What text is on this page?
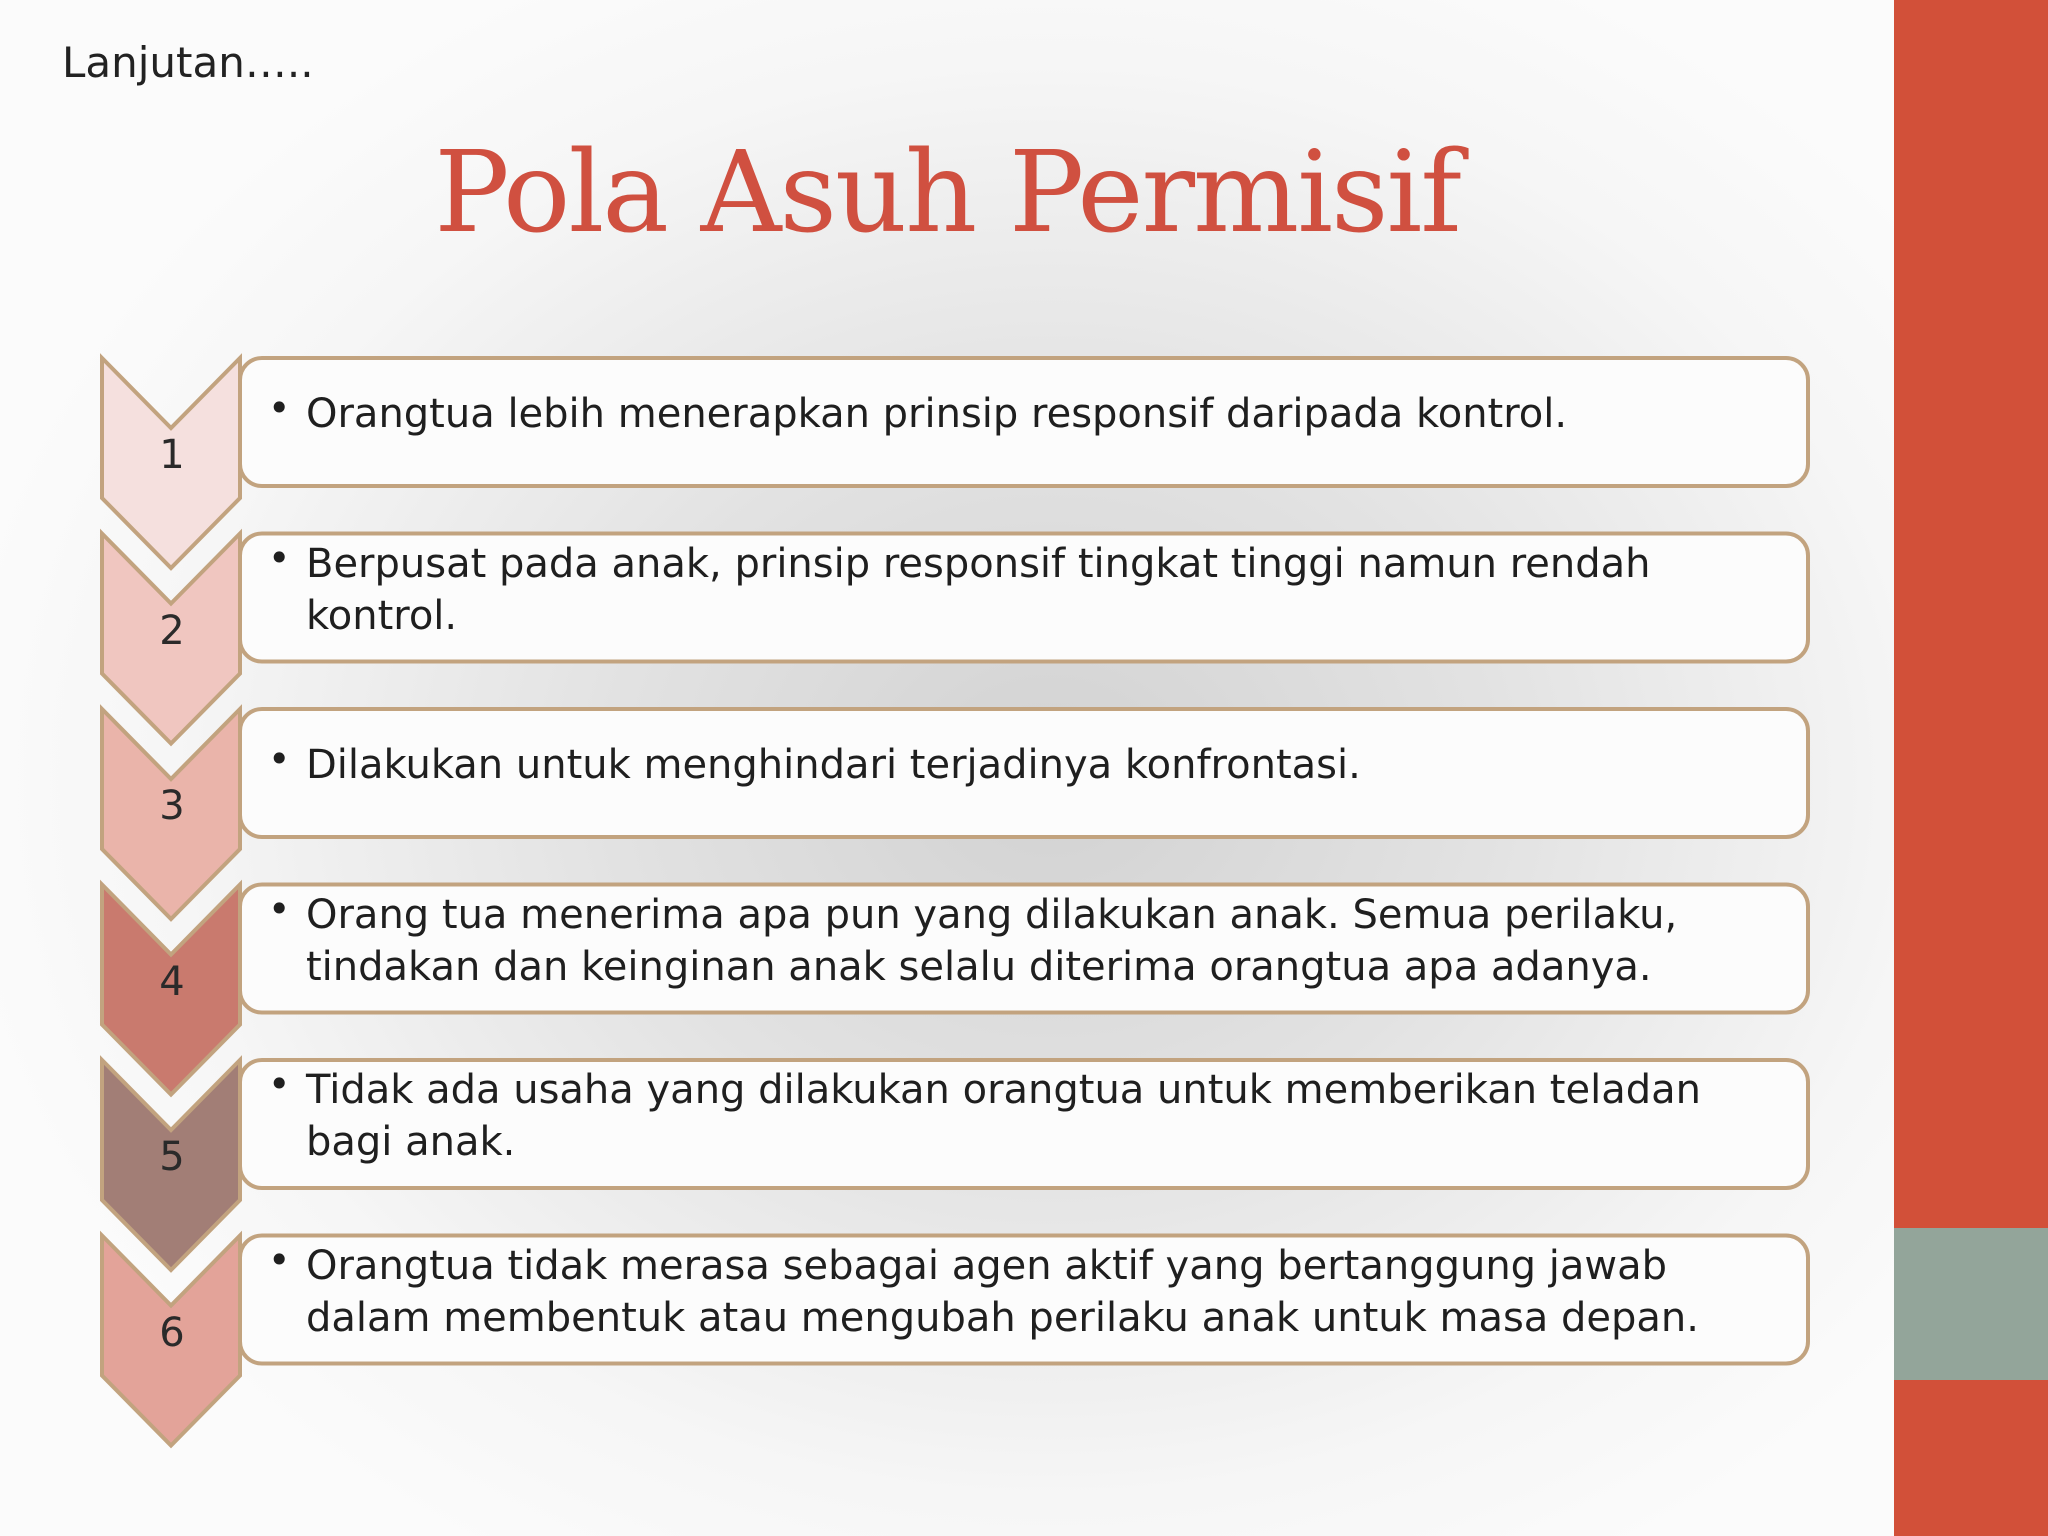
Lanjutan…..
Pola Asuh Permisif
1
• Orangtua lebih menerapkan prinsip responsif daripada kontrol.
2
• Berpusat pada anak, prinsip responsif tingkat tinggi namun rendah kontrol.
3
• Dilakukan untuk menghindari terjadinya konfrontasi.
4
• Orang tua menerima apa pun yang dilakukan anak. Semua perilaku, tindakan dan keinginan anak selalu diterima orangtua apa adanya.
5
• Tidak ada usaha yang dilakukan orangtua untuk memberikan teladan bagi anak.
6
• Orangtua tidak merasa sebagai agen aktif yang bertanggung jawab dalam membentuk atau mengubah perilaku anak untuk masa depan.
